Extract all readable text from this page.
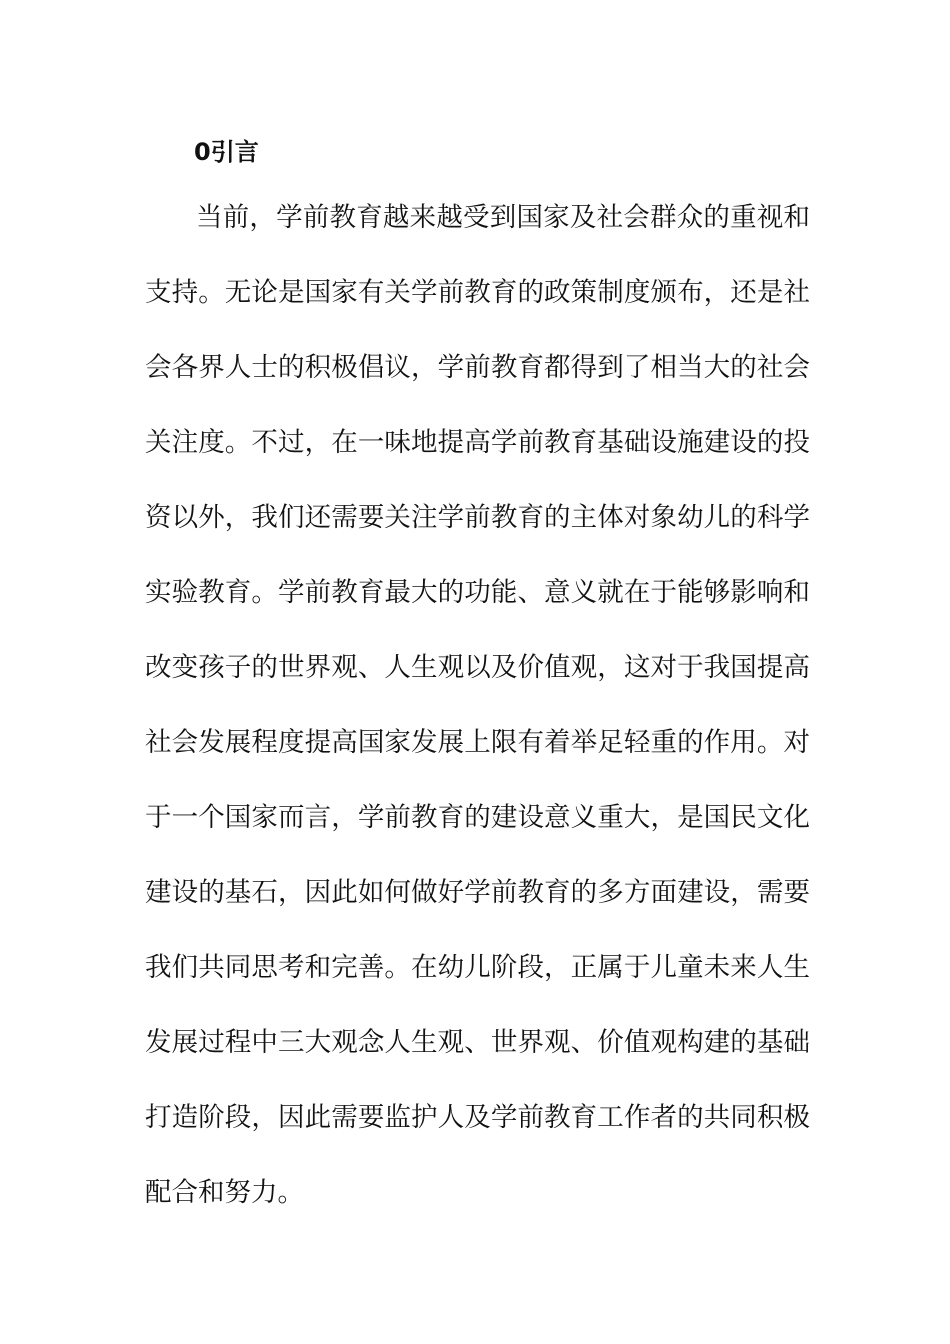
0引言
当前，学前教育越来越受到国家及社会群众的重视和
支持。无论是国家有关学前教育的政策制度颁布，还是社
会各界人士的积极倡议，学前教育都得到了相当大的社会
关注度。不过，在一味地提高学前教育基础设施建设的投
资以外，我们还需要关注学前教育的主体对象幼儿的科学
实验教育。学前教育最大的功能、意义就在于能够影响和
改变孩子的世界观、人生观以及价值观，这对于我国提高
社会发展程度提高国家发展上限有着举足轻重的作用。对
于一个国家而言，学前教育的建设意义重大，是国民文化
建设的基石，因此如何做好学前教育的多方面建设，需要
我们共同思考和完善。在幼儿阶段，正属于儿童未来人生
发展过程中三大观念人生观、世界观、价值观构建的基础
打造阶段，因此需要监护人及学前教育工作者的共同积极
配合和努力。
